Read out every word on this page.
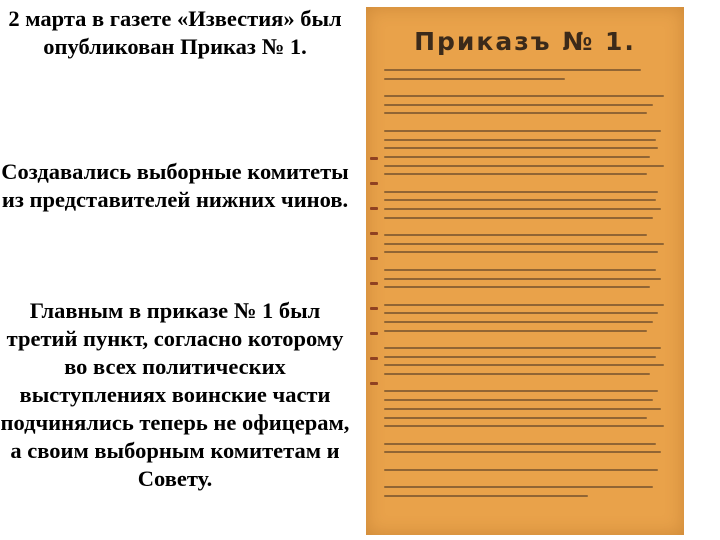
2 марта в газете «Известия» был опубликован Приказ № 1.
Создавались выборные комитеты из представителей нижних чинов.
Главным в приказе № 1 был третий пункт, согласно которому во всех политических выступлениях воинские части подчинялись теперь не офицерам, а своим выборным комитетам и Совету.
Приказъ № 1.
